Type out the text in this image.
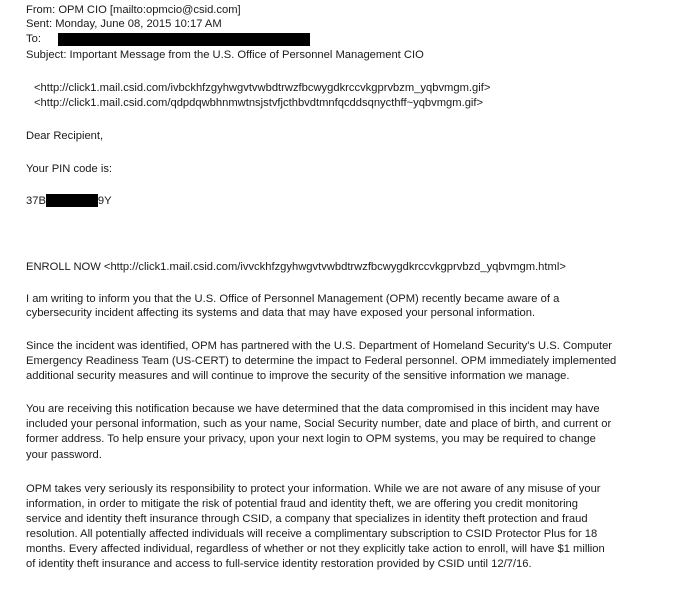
From: OPM CIO [mailto:opmcio@csid.com]
Sent: Monday, June 08, 2015 10:17 AM
To:
Subject: Important Message from the U.S. Office of Personnel Management CIO
<http://click1.mail.csid.com/ivbckhfzgyhwgvtvwbdtrwzfbcwygdkrccvkgprvbzm_yqbvmgm.gif>
<http://click1.mail.csid.com/qdpdqwbhnmwtnsjstvfjcthbvdtmnfqcddsqnycthff~yqbvmgm.gif>
Dear Recipient,
Your PIN code is:
37B	9Y
ENROLL NOW <http://click1.mail.csid.com/ivvckhfzgyhwgvtvwbdtrwzfbcwygdkrccvkgprvbzd_yqbvmgm.html>
I am writing to inform you that the U.S. Office of Personnel Management (OPM) recently became aware of a
cybersecurity incident affecting its systems and data that may have exposed your personal information.
Since the incident was identified, OPM has partnered with the U.S. Department of Homeland Security's U.S. Computer
Emergency Readiness Team (US-CERT) to determine the impact to Federal personnel. OPM immediately implemented
additional security measures and will continue to improve the security of the sensitive information we manage.
You are receiving this notification because we have determined that the data compromised in this incident may have
included your personal information, such as your name, Social Security number, date and place of birth, and current or
former address. To help ensure your privacy, upon your next login to OPM systems, you may be required to change
your password.
OPM takes very seriously its responsibility to protect your information. While we are not aware of any misuse of your
information, in order to mitigate the risk of potential fraud and identity theft, we are offering you credit monitoring
service and identity theft insurance through CSID, a company that specializes in identity theft protection and fraud
resolution. All potentially affected individuals will receive a complimentary subscription to CSID Protector Plus for 18
months. Every affected individual, regardless of whether or not they explicitly take action to enroll, will have $1 million
of identity theft insurance and access to full-service identity restoration provided by CSID until 12/7/16.
